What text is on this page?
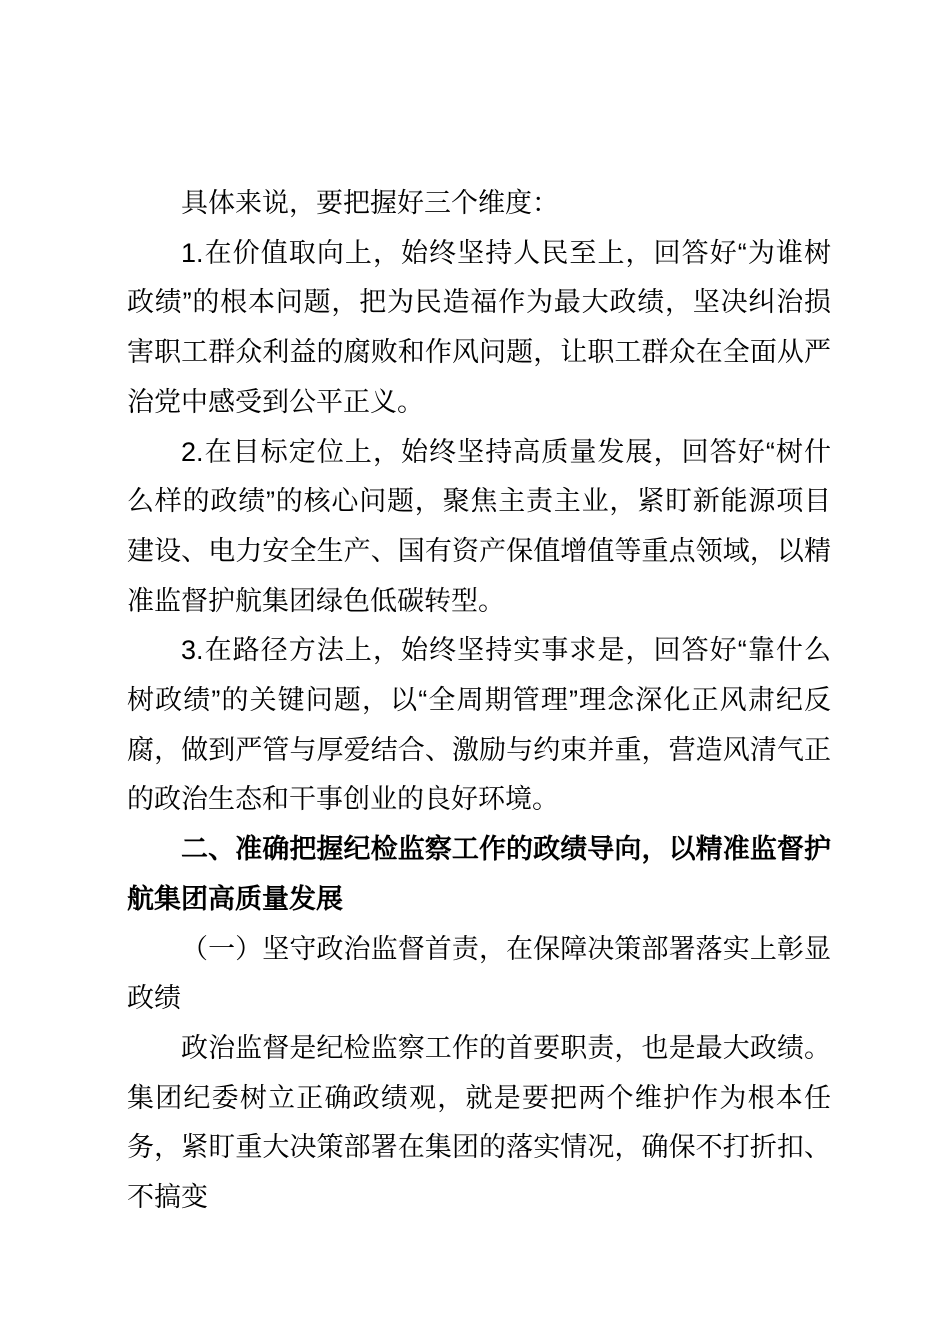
具体来说，要把握好三个维度：

1.在价值取向上，始终坚持人民至上，回答好“为谁树政绩”的根本问题，把为民造福作为最大政绩，坚决纠治损害职工群众利益的腐败和作风问题，让职工群众在全面从严治党中感受到公平正义。

2.在目标定位上，始终坚持高质量发展，回答好“树什么样的政绩”的核心问题，聚焦主责主业，紧盯新能源项目建设、电力安全生产、国有资产保值增值等重点领域，以精准监督护航集团绿色低碳转型。

3.在路径方法上，始终坚持实事求是，回答好“靠什么树政绩”的关键问题，以“全周期管理”理念深化正风肃纪反腐，做到严管与厚爱结合、激励与约束并重，营造风清气正的政治生态和干事创业的良好环境。

二、准确把握纪检监察工作的政绩导向，以精准监督护航集团高质量发展

（一）坚守政治监督首责，在保障决策部署落实上彰显政绩

政治监督是纪检监察工作的首要职责，也是最大政绩。集团纪委树立正确政绩观，就是要把两个维护作为根本任务，紧盯重大决策部署在集团的落实情况，确保不打折扣、不搞变
